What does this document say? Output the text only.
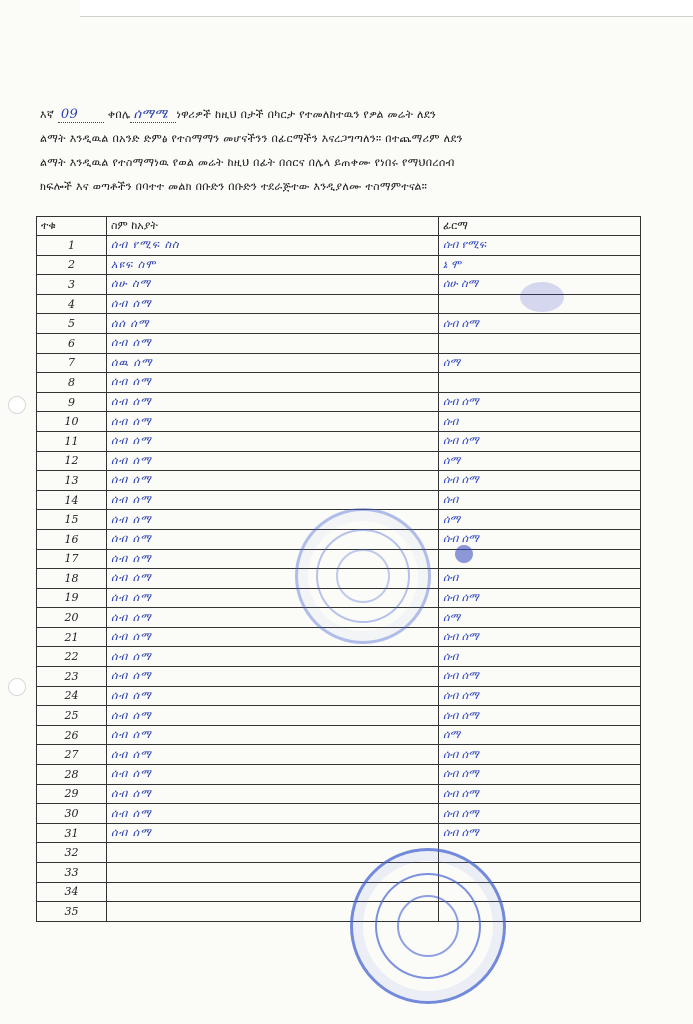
እኛ 09	ቀበሌ ሰማሜ ነዋሪዎች ከዚህ በታች በካርታ የተመለከተዉን የዎል መሬት ለደን

ልማት እንዲዉል በአንድ ድምፅ የተስማማን መሆናችንን በፊርማችን እናረጋግጣለን። በተጨማሪም ለደን

ልማት እንዲዉል የተስማማነዉ የወል መሬት ከዚህ በፊት በሰርና በሌላ ይጠቀሙ የነበሩ የማህበረሰብ

ክፍሎች እና ወጣቶችን በባተተ መልክ በቡድን በቡድን ተደራጅተው እንዲያለሙ ተስማምተናል።

ተቁ	ስም ከአያት	ፊርማ
1	ሰብ የሚፍ ስስ	ሰብ የሚፍ
2	አዩፍ ስሞ	ኔ ሞ
3	ሰሁ ስማ	ሰሁ ስማ
4	ሰብ ሰማ	
5	ሰሰ ሰማ	ሰብ ሰማ
6	ሰብ ሰማ	
7	ሰዉ ሰማ	ሰማ
8	ሰብ ሰማ	
9	ሰብ ሰማ	ሰብ ሰማ
10	ሰብ ሰማ	ሰብ
11	ሰብ ሰማ	ሰብ ሰማ
12	ሰብ ሰማ	ሰማ
13	ሰብ ሰማ	ሰብ ሰማ
14	ሰብ ሰማ	ሰብ
15	ሰብ ሰማ	ሰማ
16	ሰብ ሰማ	ሰብ ሰማ
17	ሰብ ሰማ	
18	ሰብ ሰማ	ሰብ
19	ሰብ ሰማ	ሰብ ሰማ
20	ሰብ ሰማ	ሰማ
21	ሰብ ሰማ	ሰብ ሰማ
22	ሰብ ሰማ	ሰብ
23	ሰብ ሰማ	ሰብ ሰማ
24	ሰብ ሰማ	ሰብ ሰማ
25	ሰብ ሰማ	ሰብ ሰማ
26	ሰብ ሰማ	ሰማ
27	ሰብ ሰማ	ሰብ ሰማ
28	ሰብ ሰማ	ሰብ ሰማ
29	ሰብ ሰማ	ሰብ ሰማ
30	ሰብ ሰማ	ሰብ ሰማ
31	ሰብ ሰማ	ሰብ ሰማ
32		
33		
34		
35		
